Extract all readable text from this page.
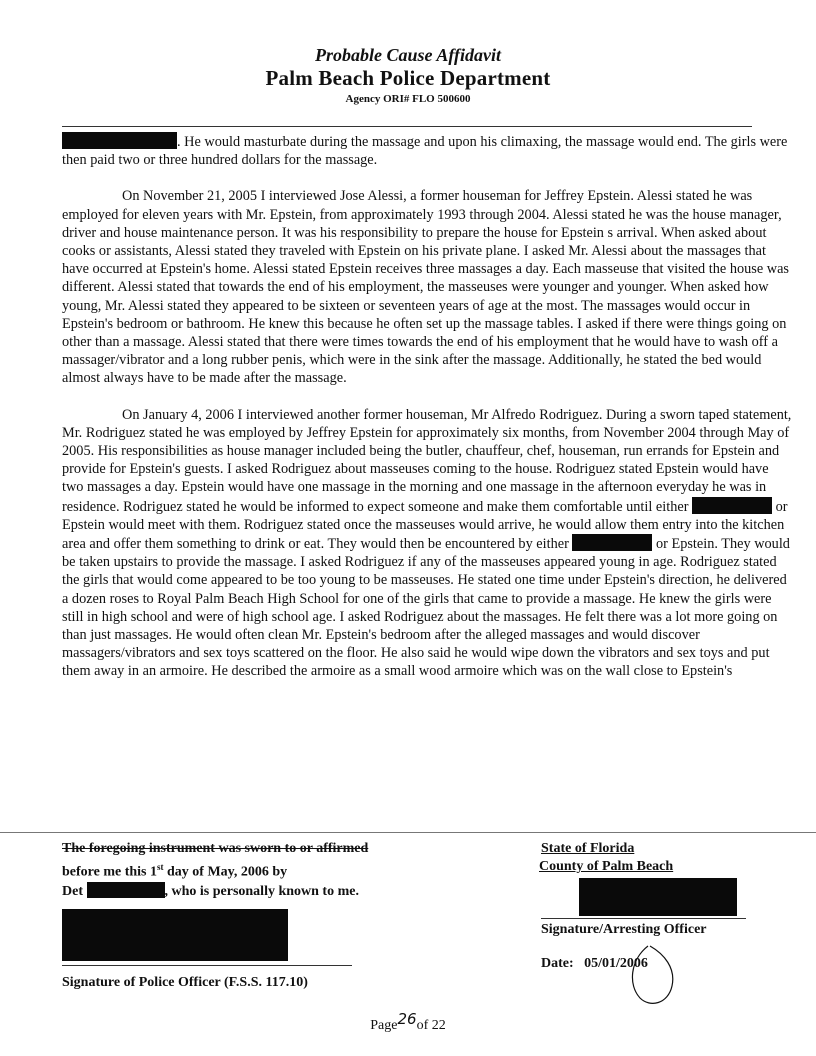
Probable Cause Affidavit
Palm Beach Police Department
Agency ORI# FLO 500600

. He would masturbate during the massage and upon his climaxing, the massage would end. The girls were then paid two or three hundred dollars for the massage.

On November 21, 2005 I interviewed Jose Alessi, a former houseman for Jeffrey Epstein. Alessi stated he was employed for eleven years with Mr. Epstein, from approximately 1993 through 2004. Alessi stated he was the house manager, driver and house maintenance person. It was his responsibility to prepare the house for Epstein s arrival. When asked about cooks or assistants, Alessi stated they traveled with Epstein on his private plane. I asked Mr. Alessi about the massages that have occurred at Epstein's home. Alessi stated Epstein receives three massages a day. Each masseuse that visited the house was different. Alessi stated that towards the end of his employment, the masseuses were younger and younger. When asked how young, Mr. Alessi stated they appeared to be sixteen or seventeen years of age at the most. The massages would occur in Epstein's bedroom or bathroom. He knew this because he often set up the massage tables. I asked if there were things going on other than a massage. Alessi stated that there were times towards the end of his employment that he would have to wash off a massager/vibrator and a long rubber penis, which were in the sink after the massage. Additionally, he stated the bed would almost always have to be made after the massage.

On January 4, 2006 I interviewed another former houseman, Mr Alfredo Rodriguez. During a sworn taped statement, Mr. Rodriguez stated he was employed by Jeffrey Epstein for approximately six months, from November 2004 through May of 2005. His responsibilities as house manager included being the butler, chauffeur, chef, houseman, run errands for Epstein and provide for Epstein's guests. I asked Rodriguez about masseuses coming to the house. Rodriguez stated Epstein would have two massages a day. Epstein would have one massage in the morning and one massage in the afternoon everyday he was in residence. Rodriguez stated he would be informed to expect someone and make them comfortable until either	or Epstein would meet with them. Rodriguez stated once the masseuses would arrive, he would allow them entry into the kitchen area and offer them something to drink or eat. They would then be encountered by either	or Epstein. They would be taken upstairs to provide the massage. I asked Rodriguez if any of the masseuses appeared young in age. Rodriguez stated the girls that would come appeared to be too young to be masseuses. He stated one time under Epstein's direction, he delivered a dozen roses to Royal Palm Beach High School for one of the girls that came to provide a massage. He knew the girls were still in high school and were of high school age. I asked Rodriguez about the massages. He felt there was a lot more going on than just massages. He would often clean Mr. Epstein's bedroom after the alleged massages and would discover massagers/vibrators and sex toys scattered on the floor. He also said he would wipe down the vibrators and sex toys and put them away in an armoire. He described the armoire as a small wood armoire which was on the wall close to Epstein's

The foregoing instrument was sworn to or affirmed
before me this 1st day of May, 2006 by
Det	, who is personally known to me.
Signature of Police Officer (F.S.S. 117.10)
State of Florida
County of Palm Beach
Signature/Arresting Officer
Date: 05/01/2006
Page26of 22
